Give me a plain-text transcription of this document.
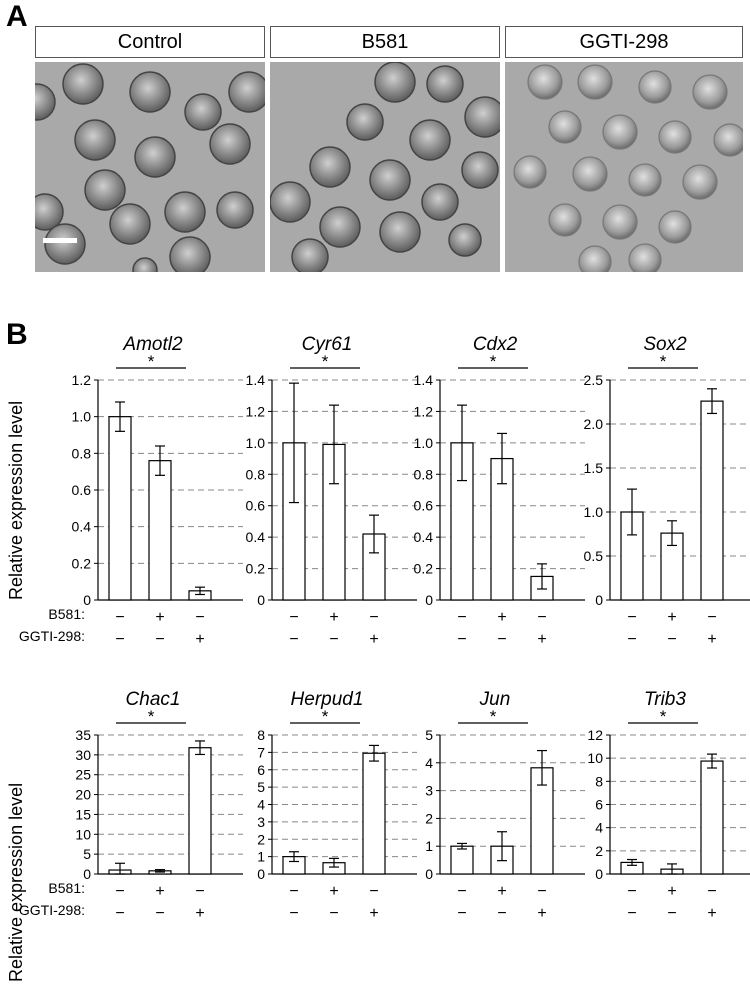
A
Control	B581	GGTI-298
B
Relative expression level
Relative expression level
B581:
GGTI-298:
B581:
GGTI-298:
Amotl2
*
0
0.2
0.4
0.6
0.8
1.0
1.2
−
−
+
−
−
+
Cyr61
*
0
0.2
0.4
0.6
0.8
1.0
1.2
1.4
−
−
+
−
−
+
Cdx2
*
0
0.2
0.4
0.6
0.8
1.0
1.2
1.4
−
−
+
−
−
+
Sox2
*
0
0.5
1.0
1.5
2.0
2.5
−
−
+
−
−
+
Chac1
*
0
5
10
15
20
25
30
35
−
−
+
−
−
+
Herpud1
*
0
1
2
3
4
5
6
7
8
−
−
+
−
−
+
Jun
*
0
1
2
3
4
5
−
−
+
−
−
+
Trib3
*
0
2
4
6
8
10
12
−
−
+
−
−
+
